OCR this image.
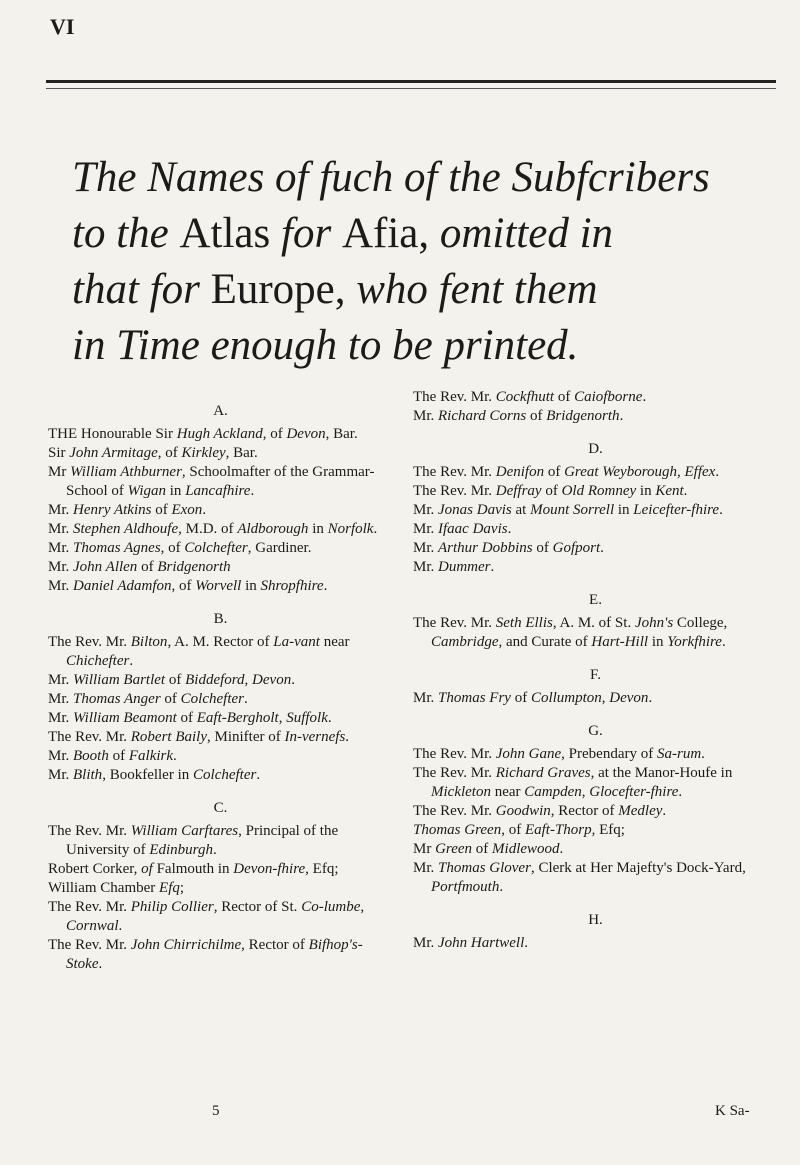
VI
The Names of fuch of the Subfcribers
to the Atlas for Afia, omitted in
that for Europe, who fent them
in Time enough to be printed.
A.

THE Honourable Sir Hugh Ackland, of Devon, Bar.

Sir John Armitage, of Kirkley, Bar.

Mr William Athburner, Schoolmafter of the Grammar-School of Wigan in Lancafhire.

Mr. Henry Atkins of Exon.

Mr. Stephen Aldhoufe, M.D. of Aldborough in Norfolk.

Mr. Thomas Agnes, of Colchefter, Gardiner.

Mr. John Allen of Bridgenorth

Mr. Daniel Adamfon, of Worvell in Shropfhire.

B.

The Rev. Mr. Bilton, A. M. Rector of La-vant near Chichefter.

Mr. William Bartlet of Biddeford, Devon.

Mr. Thomas Anger of Colchefter.

Mr. William Beamont of Eaft-Bergholt, Suffolk.

The Rev. Mr. Robert Baily, Minifter of In-vernefs.

Mr. Booth of Falkirk.

Mr. Blith, Bookfeller in Colchefter.

C.

The Rev. Mr. William Carftares, Principal of the University of Edinburgh.

Robert Corker, of Falmouth in Devon-fhire, Efq;

William Chamber Efq;

The Rev. Mr. Philip Collier, Rector of St. Co-lumbe, Cornwal.

The Rev. Mr. John Chirrichilme, Rector of Bifhop's-Stoke.

The Rev. Mr. Cockfhutt of Caiofborne.

Mr. Richard Corns of Bridgenorth.

D.

The Rev. Mr. Denifon of Great Weyborough, Effex.

The Rev. Mr. Deffray of Old Romney in Kent.

Mr. Jonas Davis at Mount Sorrell in Leicefter-fhire.

Mr. Ifaac Davis.

Mr. Arthur Dobbins of Gofport.

Mr. Dummer.

E.

The Rev. Mr. Seth Ellis, A. M. of St. John's College, Cambridge, and Curate of Hart-Hill in Yorkfhire.

F.

Mr. Thomas Fry of Collumpton, Devon.

G.

The Rev. Mr. John Gane, Prebendary of Sa-rum.

The Rev. Mr. Richard Graves, at the Manor-Houfe in Mickleton near Campden, Glocefter-fhire.

The Rev. Mr. Goodwin, Rector of Medley.

Thomas Green, of Eaft-Thorp, Efq;

Mr Green of Midlewood.

Mr. Thomas Glover, Clerk at Her Majefty's Dock-Yard, Portfmouth.

H.

Mr. John Hartwell.

5	K Sa-
